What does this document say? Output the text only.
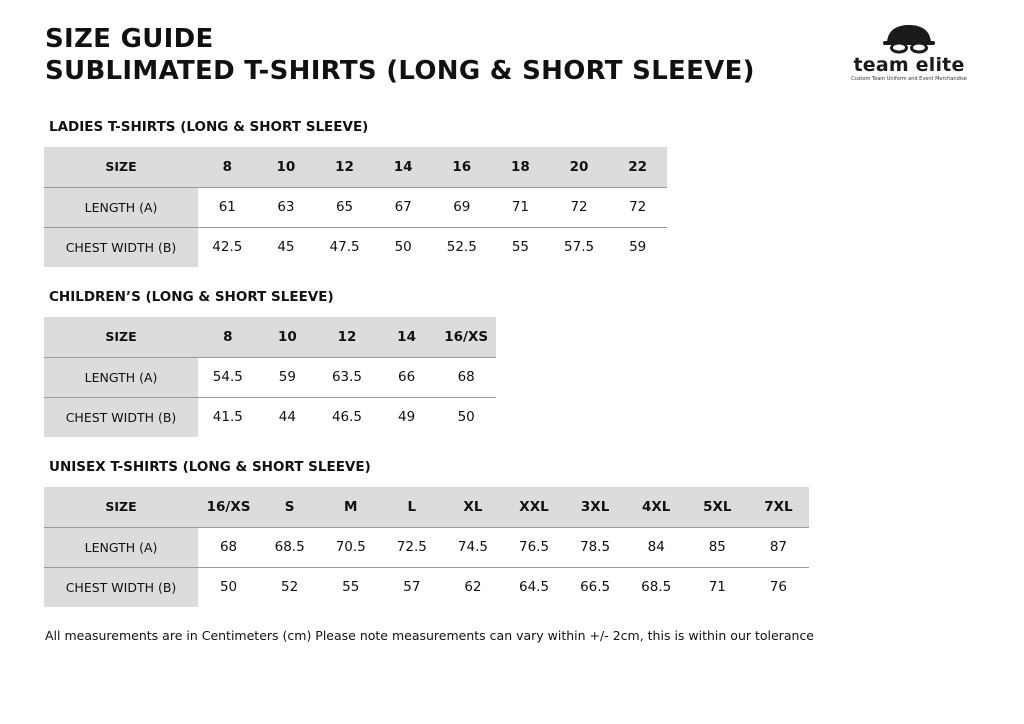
SIZE GUIDE
SUBLIMATED T-SHIRTS (LONG & SHORT SLEEVE)	team elite
Custom Team Uniform and Event Merchandise
LADIES T-SHIRTS (LONG & SHORT SLEEVE)
SIZE	8	10	12	14	16	18	20	22
LENGTH (A)	61	63	65	67	69	71	72	72
CHEST WIDTH (B)	42.5	45	47.5	50	52.5	55	57.5	59
CHILDREN’S (LONG & SHORT SLEEVE)
SIZE	8	10	12	14	16/XS
LENGTH (A)	54.5	59	63.5	66	68
CHEST WIDTH (B)	41.5	44	46.5	49	50
UNISEX T-SHIRTS (LONG & SHORT SLEEVE)
SIZE	16/XS	S	M	L	XL	XXL	3XL	4XL	5XL	7XL
LENGTH (A)	68	68.5	70.5	72.5	74.5	76.5	78.5	84	85	87
CHEST WIDTH (B)	50	52	55	57	62	64.5	66.5	68.5	71	76
All measurements are in Centimeters (cm) Please note measurements can vary within +/- 2cm, this is within our tolerance
